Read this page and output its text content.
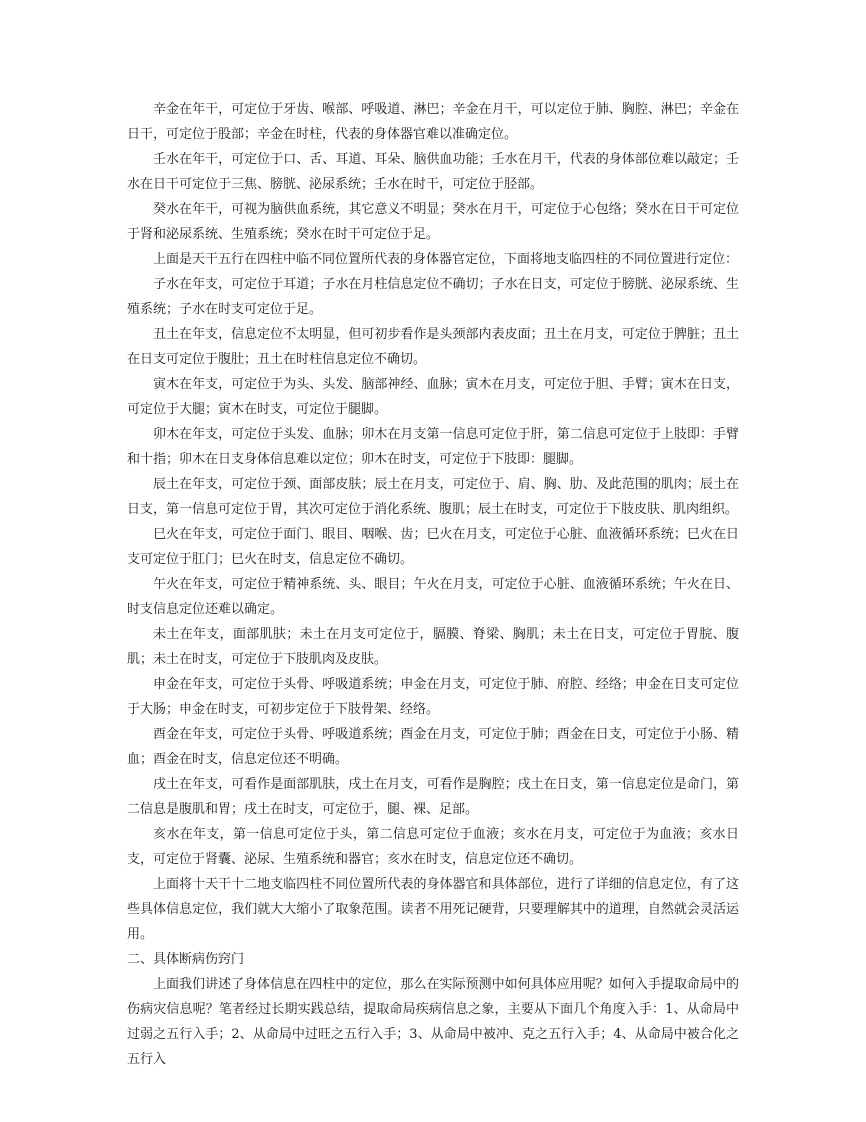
辛金在年干，可定位于牙齿、喉部、呼吸道、淋巴；辛金在月干，可以定位于肺、胸腔、淋巴；辛金在日干，可定位于股部；辛金在时柱，代表的身体器官难以准确定位。

壬水在年干，可定位于口、舌、耳道、耳朵、脑供血功能；壬水在月干，代表的身体部位难以敲定；壬水在日干可定位于三焦、膀胱、泌尿系统；壬水在时干，可定位于胫部。

癸水在年干，可视为脑供血系统，其它意义不明显；癸水在月干，可定位于心包络；癸水在日干可定位于肾和泌尿系统、生殖系统；癸水在时干可定位于足。

上面是天干五行在四柱中临不同位置所代表的身体器官定位，下面将地支临四柱的不同位置进行定位：

子水在年支，可定位于耳道；子水在月柱信息定位不确切；子水在日支，可定位于膀胱、泌尿系统、生殖系统；子水在时支可定位于足。

丑土在年支，信息定位不太明显，但可初步看作是头颈部内表皮面；丑土在月支，可定位于脾脏；丑土在日支可定位于腹肚；丑土在时柱信息定位不确切。

寅木在年支，可定位于为头、头发、脑部神经、血脉；寅木在月支，可定位于胆、手臂；寅木在日支，可定位于大腿；寅木在时支，可定位于腿脚。

卯木在年支，可定位于头发、血脉；卯木在月支第一信息可定位于肝，第二信息可定位于上肢即：手臂和十指；卯木在日支身体信息难以定位；卯木在时支，可定位于下肢即：腿脚。

辰土在年支，可定位于颈、面部皮肤；辰土在月支，可定位于、肩、胸、肋、及此范围的肌肉；辰土在日支，第一信息可定位于胃，其次可定位于消化系统、腹肌；辰土在时支，可定位于下肢皮肤、肌肉组织。

巳火在年支，可定位于面门、眼目、咽喉、齿；巳火在月支，可定位于心脏、血液循环系统；巳火在日支可定位于肛门；巳火在时支，信息定位不确切。

午火在年支，可定位于精神系统、头、眼目；午火在月支，可定位于心脏、血液循环系统；午火在日、时支信息定位还难以确定。

未土在年支，面部肌肤；未土在月支可定位于，膈膜、脊梁、胸肌；未土在日支，可定位于胃脘、腹肌；未土在时支，可定位于下肢肌肉及皮肤。

申金在年支，可定位于头骨、呼吸道系统；申金在月支，可定位于肺、府腔、经络；申金在日支可定位于大肠；申金在时支，可初步定位于下肢骨架、经络。

酉金在年支，可定位于头骨、呼吸道系统；酉金在月支，可定位于肺；酉金在日支，可定位于小肠、精血；酉金在时支，信息定位还不明确。

戌土在年支，可看作是面部肌肤，戌土在月支，可看作是胸腔；戌土在日支，第一信息定位是命门，第二信息是腹肌和胃；戌土在时支，可定位于，腿、裸、足部。

亥水在年支，第一信息可定位于头，第二信息可定位于血液；亥水在月支，可定位于为血液；亥水日支，可定位于肾囊、泌尿、生殖系统和器官；亥水在时支，信息定位还不确切。

上面将十天干十二地支临四柱不同位置所代表的身体器官和具体部位，进行了详细的信息定位，有了这些具体信息定位，我们就大大缩小了取象范围。读者不用死记硬背，只要理解其中的道理，自然就会灵活运用。

二、具体断病伤窍门

上面我们讲述了身体信息在四柱中的定位，那么在实际预测中如何具体应用呢？如何入手提取命局中的伤病灾信息呢？笔者经过长期实践总结，提取命局疾病信息之象，主要从下面几个角度入手：1、从命局中过弱之五行入手；2、从命局中过旺之五行入手；3、从命局中被冲、克之五行入手；4、从命局中被合化之五行入
